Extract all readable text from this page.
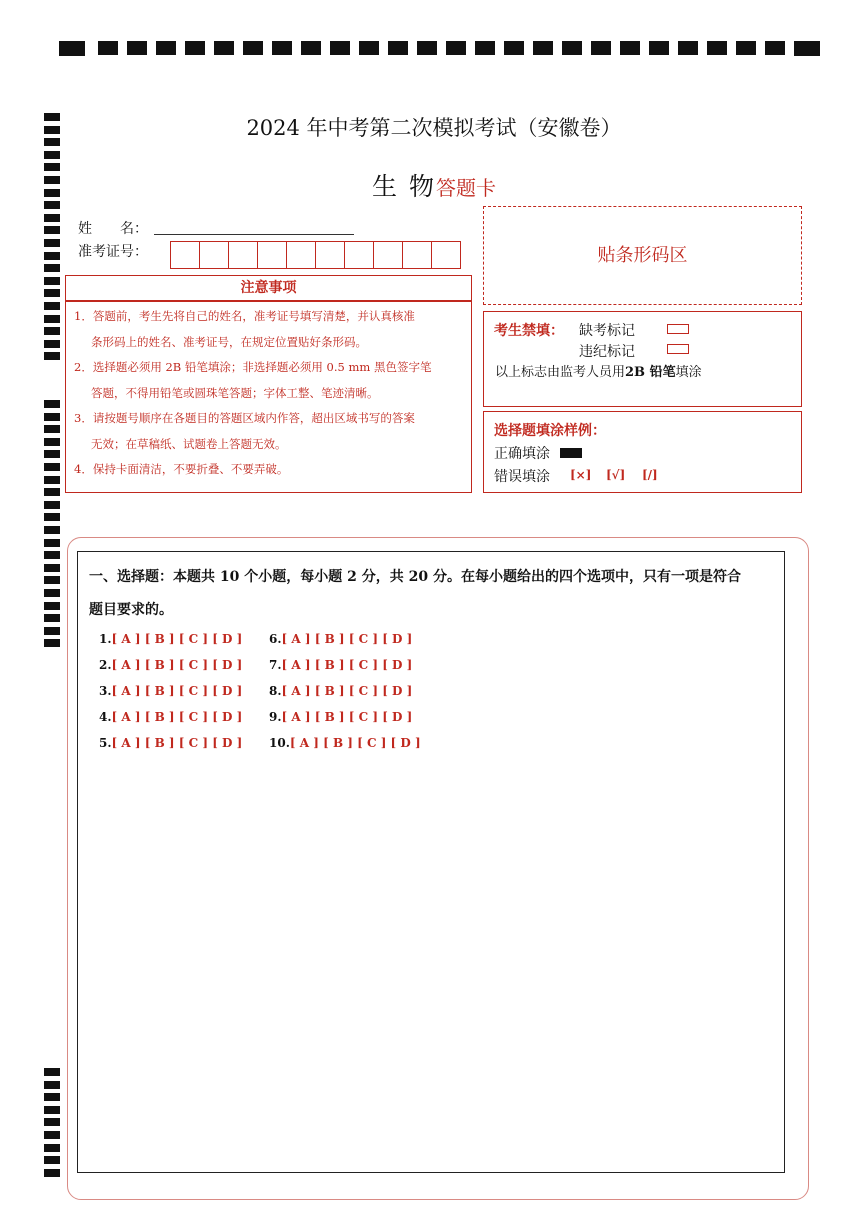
2024 年中考第二次模拟考试（安徽卷）
生 物答题卡
姓　　名：
准考证号：
注意事项
1．答题前，考生先将自己的姓名，准考证号填写清楚，并认真核准
条形码上的姓名、准考证号，在规定位置贴好条形码。
2．选择题必须用 2B 铅笔填涂；非选择题必须用 0.5 mm 黑色签字笔
答题，不得用铅笔或圆珠笔答题；字体工整、笔迹清晰。
3．请按题号顺序在各题目的答题区域内作答，超出区域书写的答案
无效；在草稿纸、试题卷上答题无效。
4．保持卡面清洁，不要折叠、不要弄破。
贴条形码区
考生禁填： 缺考标记
违纪标记
以上标志由监考人员用2B 铅笔填涂
选择题填涂样例：
正确填涂
错误填涂 [×] [√] [/]
一、选择题：本题共 10 个小题，每小题 2 分，共 20 分。在每小题给出的四个选项中，只有一项是符合
题目要求的。
1.[ A ] [ B ] [ C ] [ D ]
2.[ A ] [ B ] [ C ] [ D ]
3.[ A ] [ B ] [ C ] [ D ]
4.[ A ] [ B ] [ C ] [ D ]
5.[ A ] [ B ] [ C ] [ D ]
6.[ A ] [ B ] [ C ] [ D ]
7.[ A ] [ B ] [ C ] [ D ]
8.[ A ] [ B ] [ C ] [ D ]
9.[ A ] [ B ] [ C ] [ D ]
10.[ A ] [ B ] [ C ] [ D ]
